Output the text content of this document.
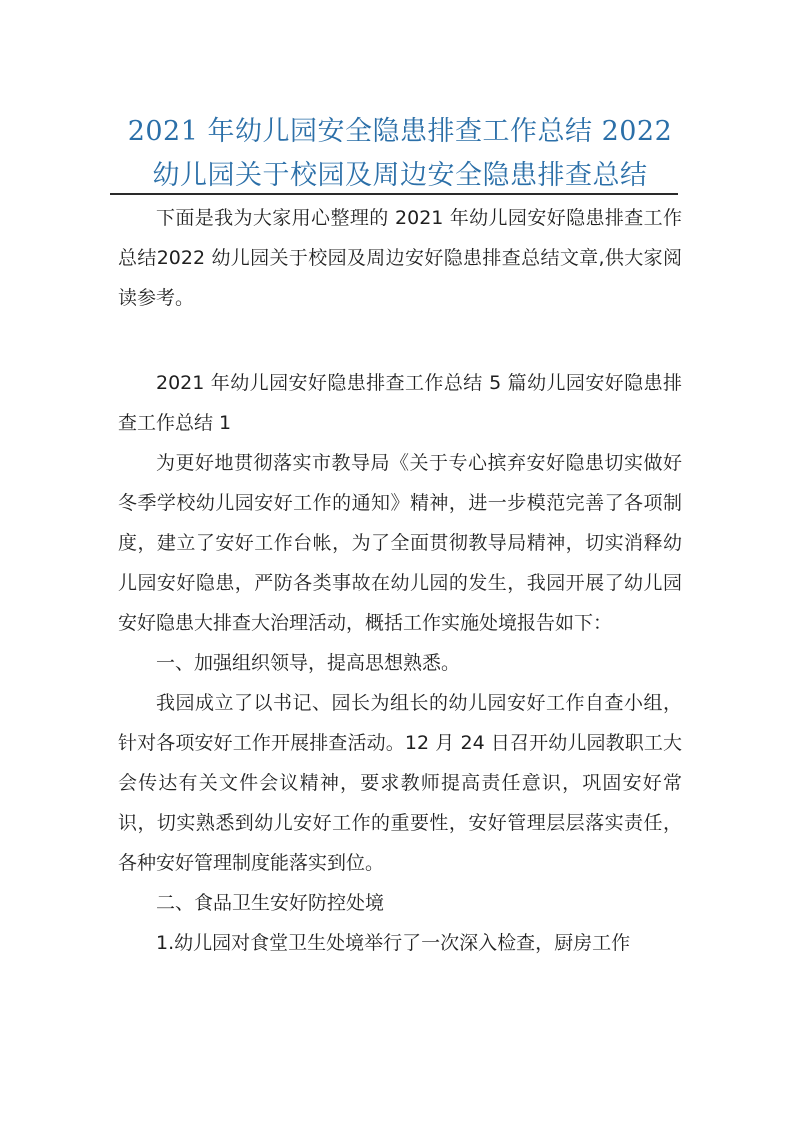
2021 年幼儿园安全隐患排查工作总结 2022
幼儿园关于校园及周边安全隐患排查总结

下面是我为大家用心整理的 2021 年幼儿园安好隐患排查工作总结2022 幼儿园关于校园及周边安好隐患排查总结文章,供大家阅读参考。

2021 年幼儿园安好隐患排查工作总结 5 篇幼儿园安好隐患排查工作总结 1

为更好地贯彻落实市教导局《关于专心摈弃安好隐患切实做好冬季学校幼儿园安好工作的通知》精神，进一步模范完善了各项制度，建立了安好工作台帐，为了全面贯彻教导局精神，切实消释幼儿园安好隐患，严防各类事故在幼儿园的发生，我园开展了幼儿园安好隐患大排查大治理活动，概括工作实施处境报告如下：

一、加强组织领导，提高思想熟悉。

我园成立了以书记、园长为组长的幼儿园安好工作自查小组，针对各项安好工作开展排查活动。12 月 24 日召开幼儿园教职工大会传达有关文件会议精神，要求教师提高责任意识，巩固安好常识，切实熟悉到幼儿安好工作的重要性，安好管理层层落实责任，各种安好管理制度能落实到位。

二、食品卫生安好防控处境

1.幼儿园对食堂卫生处境举行了一次深入检查，厨房工作
